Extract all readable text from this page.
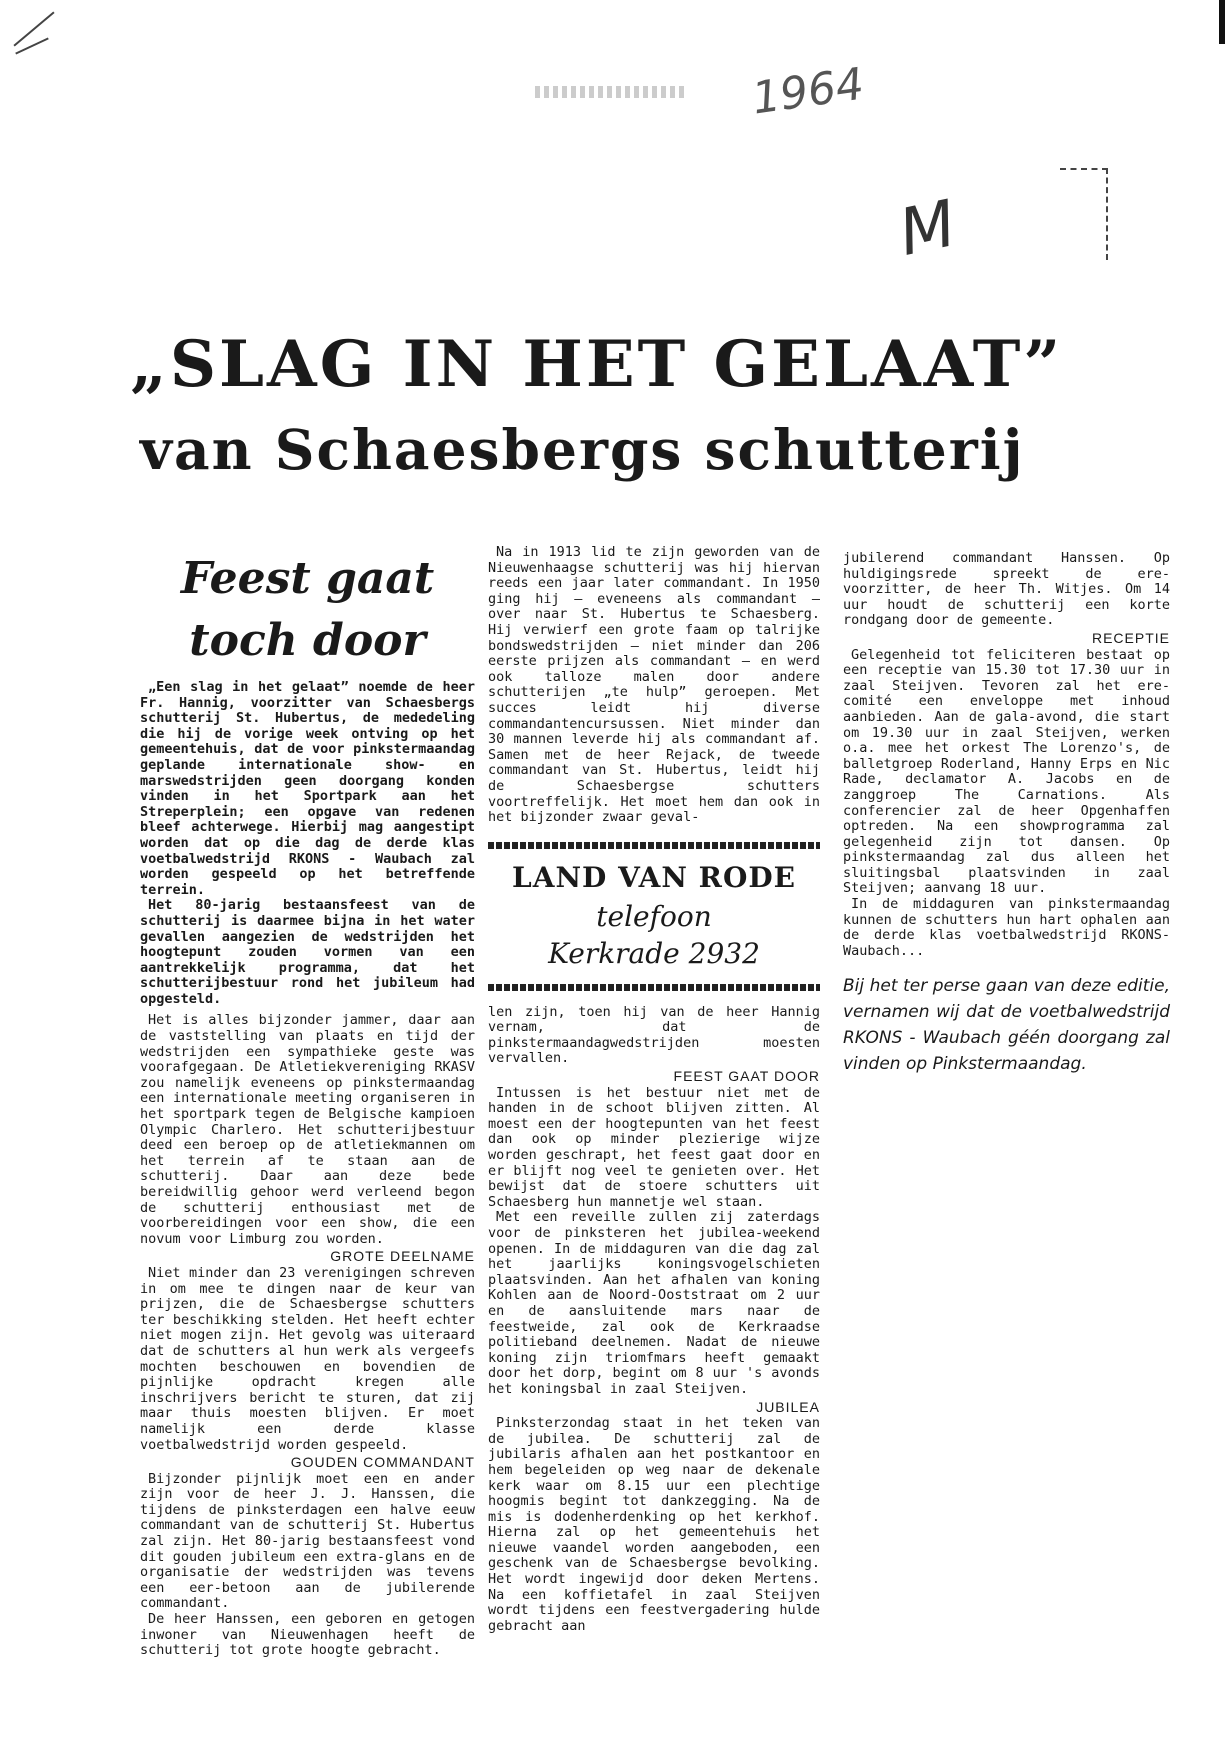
1964
M
„SLAG IN HET GELAAT”
van Schaesbergs schutterij
Feest gaat
toch door

„Een slag in het gelaat” noemde de heer Fr. Hannig, voorzitter van Schaesbergs schutterij St. Hubertus, de mededeling die hij de vorige week ontving op het gemeentehuis, dat de voor pinkstermaandag geplande internationale show- en marswedstrijden geen doorgang konden vinden in het Sportpark aan het Streperplein; een opgave van redenen bleef achterwege. Hierbij mag aangestipt worden dat op die dag de derde klas voetbalwedstrijd RKONS - Waubach zal worden gespeeld op het betreffende terrein.

Het 80-jarig bestaansfeest van de schutterij is daarmee bijna in het water gevallen aangezien de wedstrijden het hoogtepunt zouden vormen van een aantrekkelijk programma, dat het schutterijbestuur rond het jubileum had opgesteld.

Het is alles bijzonder jammer, daar aan de vaststelling van plaats en tijd der wedstrijden een sympathieke geste was voorafgegaan. De Atletiekvereniging RKASV zou namelijk eveneens op pinkstermaandag een internationale meeting organiseren in het sportpark tegen de Belgische kampioen Olympic Charlero. Het schutterijbestuur deed een beroep op de atletiekmannen om het terrein af te staan aan de schutterij. Daar aan deze bede bereidwillig gehoor werd verleend begon de schutterij enthousiast met de voorbereidingen voor een show, die een novum voor Limburg zou worden.

GROTE DEELNAME

Niet minder dan 23 verenigingen schreven in om mee te dingen naar de keur van prijzen, die de Schaesbergse schutters ter beschikking stelden. Het heeft echter niet mogen zijn. Het gevolg was uiteraard dat de schutters al hun werk als vergeefs mochten beschouwen en bovendien de pijnlijke opdracht kregen alle inschrijvers bericht te sturen, dat zij maar thuis moesten blijven. Er moet namelijk een derde klasse voetbalwedstrijd worden gespeeld.

GOUDEN COMMANDANT

Bijzonder pijnlijk moet een en ander zijn voor de heer J. J. Hanssen, die tijdens de pinksterdagen een halve eeuw commandant van de schutterij St. Hubertus zal zijn. Het 80-jarig bestaansfeest vond dit gouden jubileum een extra-glans en de organisatie der wedstrijden was tevens een eer-betoon aan de jubilerende commandant.

De heer Hanssen, een geboren en getogen inwoner van Nieuwenhagen heeft de schutterij tot grote hoogte gebracht.

Na in 1913 lid te zijn geworden van de Nieuwenhaagse schutterij was hij hiervan reeds een jaar later commandant. In 1950 ging hij — eveneens als commandant — over naar St. Hubertus te Schaesberg. Hij verwierf een grote faam op talrijke bondswedstrijden — niet minder dan 206 eerste prijzen als commandant — en werd ook talloze malen door andere schutterijen „te hulp” geroepen. Met succes leidt hij diverse commandantencursussen. Niet minder dan 30 mannen leverde hij als commandant af. Samen met de heer Rejack, de tweede commandant van St. Hubertus, leidt hij de Schaesbergse schutters voortreffelijk. Het moet hem dan ook in het bijzonder zwaar geval-

LAND VAN RODE
telefoon
Kerkrade 2932

len zijn, toen hij van de heer Hannig vernam, dat de pinkstermaandagwedstrijden moesten vervallen.

FEEST GAAT DOOR

Intussen is het bestuur niet met de handen in de schoot blijven zitten. Al moest een der hoogtepunten van het feest dan ook op minder plezierige wijze worden geschrapt, het feest gaat door en er blijft nog veel te genieten over. Het bewijst dat de stoere schutters uit Schaesberg hun mannetje wel staan.

Met een reveille zullen zij zaterdags voor de pinksteren het jubilea-weekend openen. In de middaguren van die dag zal het jaarlijks koningsvogelschieten plaatsvinden. Aan het afhalen van koning Kohlen aan de Noord-Ooststraat om 2 uur en de aansluitende mars naar de feestweide, zal ook de Kerkraadse politieband deelnemen. Nadat de nieuwe koning zijn triomfmars heeft gemaakt door het dorp, begint om 8 uur 's avonds het koningsbal in zaal Steijven.

JUBILEA

Pinksterzondag staat in het teken van de jubilea. De schutterij zal de jubilaris afhalen aan het postkantoor en hem begeleiden op weg naar de dekenale kerk waar om 8.15 uur een plechtige hoogmis begint tot dankzegging. Na de mis is dodenherdenking op het kerkhof. Hierna zal op het gemeentehuis het nieuwe vaandel worden aangeboden, een geschenk van de Schaesbergse bevolking. Het wordt ingewijd door deken Mertens. Na een koffietafel in zaal Steijven wordt tijdens een feestvergadering hulde gebracht aan

jubilerend commandant Hanssen. Op huldigingsrede spreekt de ere-voorzitter, de heer Th. Witjes. Om 14 uur houdt de schutterij een korte rondgang door de gemeente.

RECEPTIE

Gelegenheid tot feliciteren bestaat op een receptie van 15.30 tot 17.30 uur in zaal Steijven. Tevoren zal het ere-comité een enveloppe met inhoud aanbieden. Aan de gala-avond, die start om 19.30 uur in zaal Steijven, werken o.a. mee het orkest The Lorenzo's, de balletgroep Roderland, Hanny Erps en Nic Rade, declamator A. Jacobs en de zanggroep The Carnations. Als conferencier zal de heer Opgenhaffen optreden. Na een showprogramma zal gelegenheid zijn tot dansen. Op pinkstermaandag zal dus alleen het sluitingsbal plaatsvinden in zaal Steijven; aanvang 18 uur.

In de middaguren van pinkstermaandag kunnen de schutters hun hart ophalen aan de derde klas voetbalwedstrijd RKONS-Waubach...

Bij het ter perse gaan van deze editie, vernamen wij dat de voetbalwedstrijd RKONS - Waubach géén doorgang zal vinden op Pinkstermaandag.
